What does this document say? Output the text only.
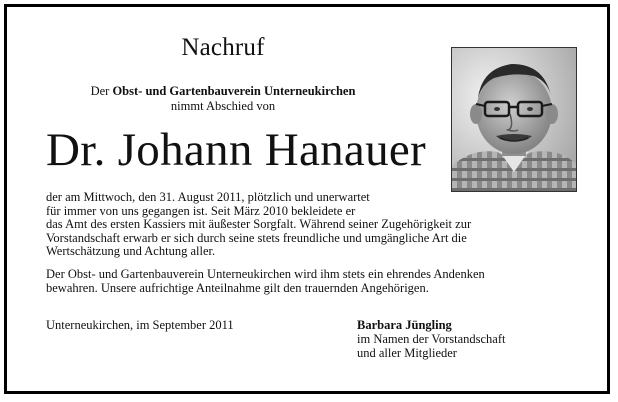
Nachruf
Der Obst- und Gartenbauverein Unterneukirchen
nimmt Abschied von
Dr. Johann Hanauer
der am Mittwoch, den 31. August 2011, plötzlich und unerwartet
für immer von uns gegangen ist. Seit März 2010 bekleidete er
das Amt des ersten Kassiers mit äußester Sorgfalt. Während seiner Zugehörigkeit zur
Vorstandschaft erwarb er sich durch seine stets freundliche und umgängliche Art die
Wertschätzung und Achtung aller.
Der Obst- und Gartenbauverein Unterneukirchen wird ihm stets ein ehrendes Andenken
bewahren. Unsere aufrichtige Anteilnahme gilt den trauernden Angehörigen.
Unterneukirchen, im September 2011	Barbara Jüngling
im Namen der Vorstandschaft
und aller Mitglieder
